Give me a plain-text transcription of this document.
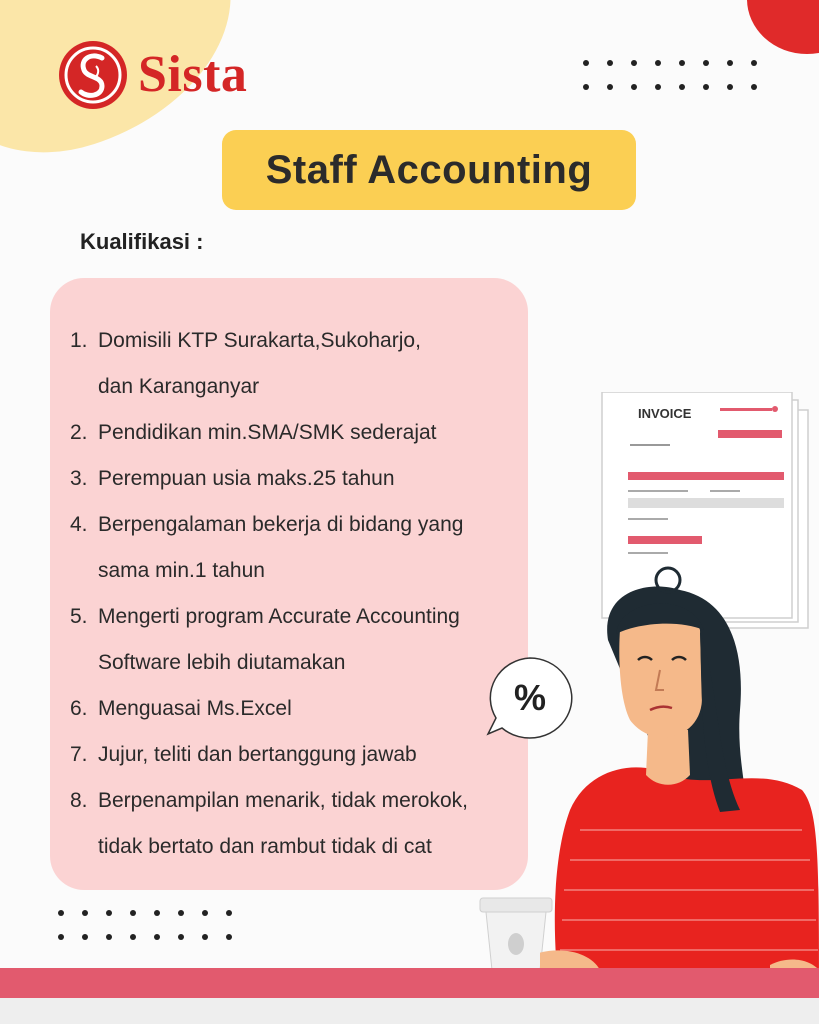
Sista
Staff Accounting
Kualifikasi :
1. Domisili KTP Surakarta,Sukoharjo,
dan Karanganyar
2. Pendidikan min.SMA/SMK sederajat
3. Perempuan usia maks.25 tahun
4. Berpengalaman bekerja di bidang yang
sama min.1 tahun
5. Mengerti program Accurate Accounting
Software lebih diutamakan
6. Menguasai Ms.Excel
7. Jujur, teliti dan bertanggung jawab
8. Berpenampilan menarik, tidak merokok,
tidak bertato dan rambut tidak di cat
INVOICE
%
